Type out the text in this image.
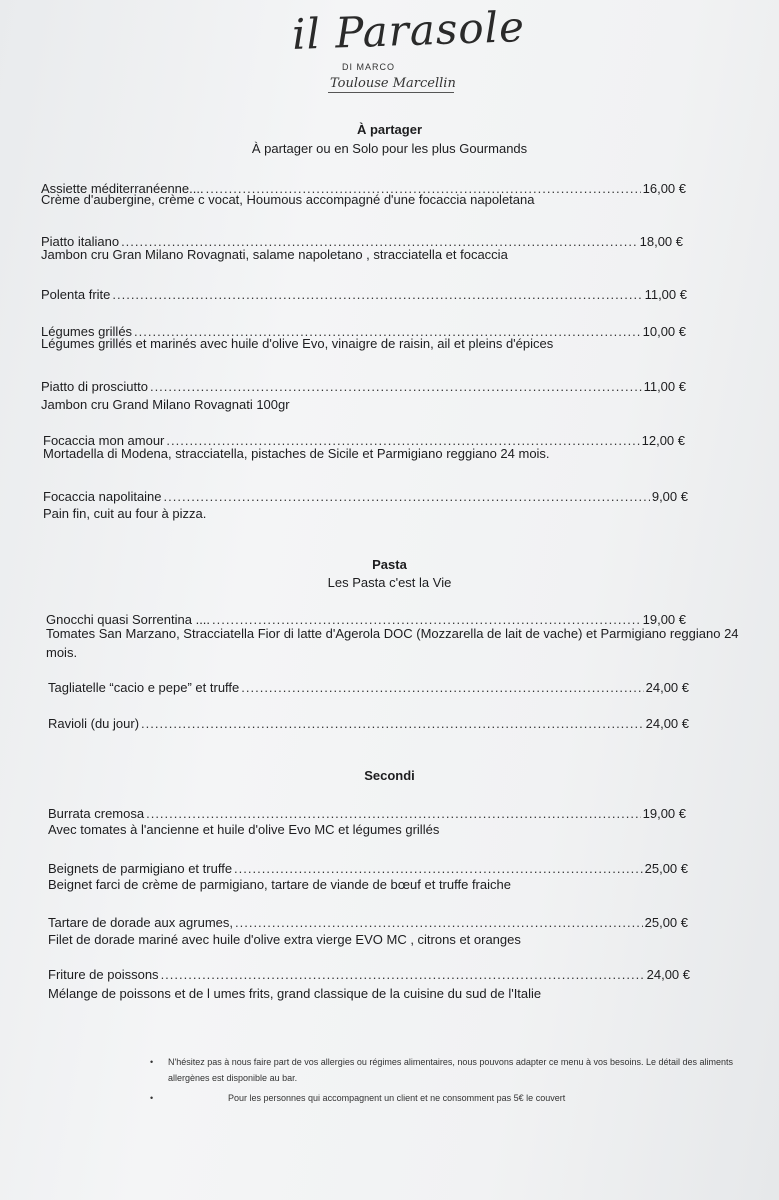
il Parasole
DI MARCO
Toulouse Marcellin
À partager
À partager ou en Solo pour les plus Gourmands
Assiette méditerranéenne.... .....	16,00 €
Crème d'aubergine, crème c vocat, Houmous accompagné d'une focaccia napoletana
Piatto italiano .....	18,00 €
Jambon cru Gran Milano Rovagnati, salame napoletano , stracciatella et focaccia
Polenta frite .....	11,00 €
Légumes grillés .....	10,00 €
Légumes grillés et marinés avec huile d'olive Evo, vinaigre de raisin, ail et pleins d'épices
Piatto di prosciutto .....	11,00 €
Jambon cru Grand Milano Rovagnati 100gr
Focaccia mon amour .....	12,00 €
Mortadella di Modena, stracciatella, pistaches de Sicile et Parmigiano reggiano 24 mois.
Focaccia napolitaine .....	9,00 €
Pain fin, cuit au four à pizza.
Pasta
Les Pasta c'est la Vie
Gnocchi quasi Sorrentina .... .....	19,00 €
Tomates San Marzano, Stracciatella Fior di latte d'Agerola DOC (Mozzarella de lait de vache) et Parmigiano reggiano 24 mois.
Tagliatelle “cacio e pepe” et truffe .....	24,00 €
Ravioli (du jour) .....	24,00 €
Secondi
Burrata cremosa .....	19,00 €
Avec tomates à l'ancienne et huile d'olive Evo MC et légumes grillés
Beignets de parmigiano et truffe .....	25,00 €
Beignet farci de crème de parmigiano, tartare de viande de bœuf et truffe fraiche
Tartare de dorade aux agrumes, .....	25,00 €
Filet de dorade mariné avec huile d'olive extra vierge EVO MC , citrons et oranges
Friture de poissons .....	24,00 €
Mélange de poissons et de l umes frits, grand classique de la cuisine du sud de l'Italie
• N'hésitez pas à nous faire part de vos allergies ou régimes alimentaires, nous pouvons adapter ce menu à vos besoins. Le détail des aliments allergènes est disponible au bar.
•	Pour les personnes qui accompagnent un client et ne consomment pas 5€ le couvert
